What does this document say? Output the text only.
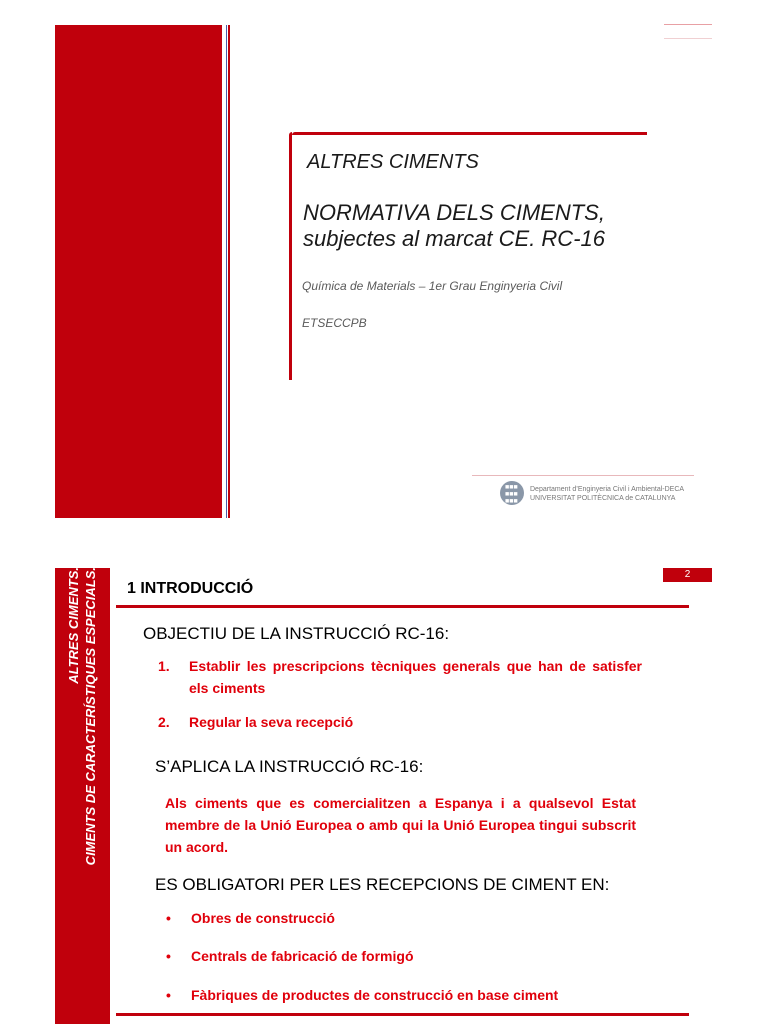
ALTRES CIMENTS
NORMATIVA DELS CIMENTS,
subjectes al marcat CE. RC-16
Química de Materials – 1er Grau Enginyeria Civil
ETSECCPB
■■■
■■■
■■■
Departament d’Enginyeria Civil i Ambiental-DECA
UNIVERSITAT POLITÈCNICA de CATALUNYA
ALTRES CIMENTS. CIMENTS DE CARACTERÍSTIQUES ESPECIALS.	2
1 INTRODUCCIÓ
OBJECTIU DE LA INSTRUCCIÓ RC-16:
1. Establir les prescripcions tècniques generals que han de satisfer els ciments
2. Regular la seva recepció
S’APLICA LA INSTRUCCIÓ RC-16:
Als ciments que es comercialitzen a Espanya i a qualsevol Estat membre de la Unió Europea o amb qui la Unió Europea tingui subscrit un acord.
ES OBLIGATORI PER LES RECEPCIONS DE CIMENT EN:
• Obres de construcció
• Centrals de fabricació de formigó
• Fàbriques de productes de construcció en base ciment
